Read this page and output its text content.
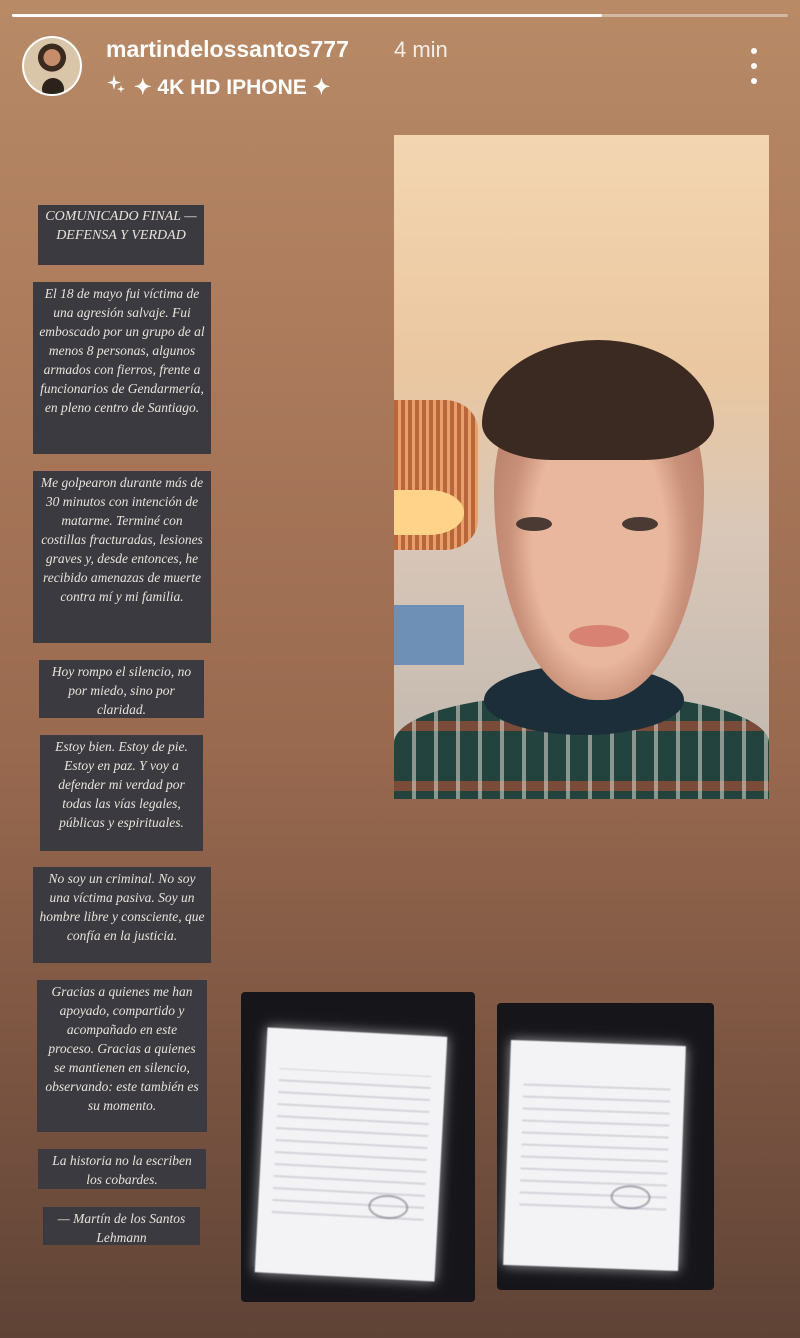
martindelossantos777 4 min
✦ 4K HD IPHONE ✦
COMUNICADO FINAL — DEFENSA Y VERDAD
El 18 de mayo fui víctima de una agresión salvaje. Fui emboscado por un grupo de al menos 8 personas, algunos armados con fierros, frente a funcionarios de Gendarmería, en pleno centro de Santiago.
Me golpearon durante más de 30 minutos con intención de matarme. Terminé con costillas fracturadas, lesiones graves y, desde entonces, he recibido amenazas de muerte contra mí y mi familia.
Hoy rompo el silencio, no por miedo, sino por claridad.
Estoy bien. Estoy de pie. Estoy en paz. Y voy a defender mi verdad por todas las vías legales, públicas y espirituales.
No soy un criminal. No soy una víctima pasiva. Soy un hombre libre y consciente, que confía en la justicia.
Gracias a quienes me han apoyado, compartido y acompañado en este proceso. Gracias a quienes se mantienen en silencio, observando: este también es su momento.
La historia no la escriben los cobardes.
— Martín de los Santos Lehmann
